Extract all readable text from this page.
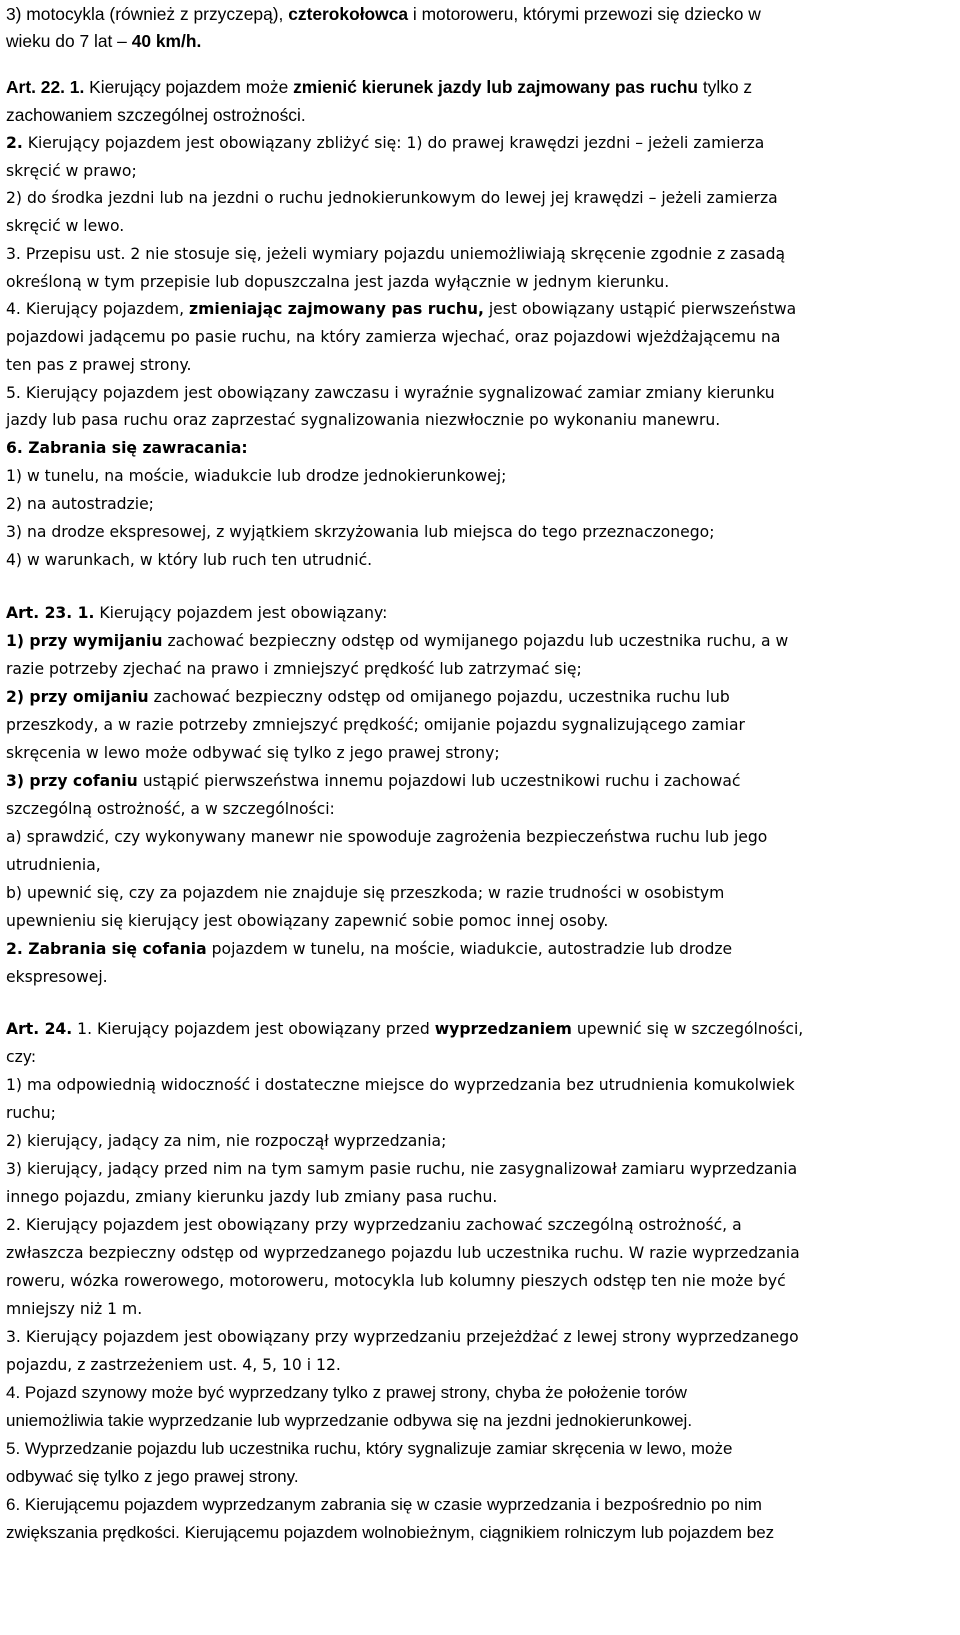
3) motocykla (również z przyczepą), czterokołowca i motoroweru, którymi przewozi się dziecko w
wieku do 7 lat – 40 km/h.
Art. 22. 1. Kierujący pojazdem może zmienić kierunek jazdy lub zajmowany pas ruchu tylko z
zachowaniem szczególnej ostrożności.
2. Kierujący pojazdem jest obowiązany zbliżyć się: 1) do prawej krawędzi jezdni – jeżeli zamierza
skręcić w prawo;
2) do środka jezdni lub na jezdni o ruchu jednokierunkowym do lewej jej krawędzi – jeżeli zamierza
skręcić w lewo.
3. Przepisu ust. 2 nie stosuje się, jeżeli wymiary pojazdu uniemożliwiają skręcenie zgodnie z zasadą
określoną w tym przepisie lub dopuszczalna jest jazda wyłącznie w jednym kierunku.
4. Kierujący pojazdem, zmieniając zajmowany pas ruchu, jest obowiązany ustąpić pierwszeństwa
pojazdowi jadącemu po pasie ruchu, na który zamierza wjechać, oraz pojazdowi wjeżdżającemu na
ten pas z prawej strony.
5. Kierujący pojazdem jest obowiązany zawczasu i wyraźnie sygnalizować zamiar zmiany kierunku
jazdy lub pasa ruchu oraz zaprzestać sygnalizowania niezwłocznie po wykonaniu manewru.
6. Zabrania się zawracania:
1) w tunelu, na moście, wiadukcie lub drodze jednokierunkowej;
2) na autostradzie;
3) na drodze ekspresowej, z wyjątkiem skrzyżowania lub miejsca do tego przeznaczonego;
4) w warunkach, w który lub ruch ten utrudnić.
Art. 23. 1. Kierujący pojazdem jest obowiązany:
1) przy wymijaniu zachować bezpieczny odstęp od wymijanego pojazdu lub uczestnika ruchu, a w
razie potrzeby zjechać na prawo i zmniejszyć prędkość lub zatrzymać się;
2) przy omijaniu zachować bezpieczny odstęp od omijanego pojazdu, uczestnika ruchu lub
przeszkody, a w razie potrzeby zmniejszyć prędkość; omijanie pojazdu sygnalizującego zamiar
skręcenia w lewo może odbywać się tylko z jego prawej strony;
3) przy cofaniu ustąpić pierwszeństwa innemu pojazdowi lub uczestnikowi ruchu i zachować
szczególną ostrożność, a w szczególności:
a) sprawdzić, czy wykonywany manewr nie spowoduje zagrożenia bezpieczeństwa ruchu lub jego
utrudnienia,
b) upewnić się, czy za pojazdem nie znajduje się przeszkoda; w razie trudności w osobistym
upewnieniu się kierujący jest obowiązany zapewnić sobie pomoc innej osoby.
2. Zabrania się cofania pojazdem w tunelu, na moście, wiadukcie, autostradzie lub drodze
ekspresowej.
Art. 24. 1. Kierujący pojazdem jest obowiązany przed wyprzedzaniem upewnić się w szczególności,
czy:
1) ma odpowiednią widoczność i dostateczne miejsce do wyprzedzania bez utrudnienia komukolwiek
ruchu;
2) kierujący, jadący za nim, nie rozpoczął wyprzedzania;
3) kierujący, jadący przed nim na tym samym pasie ruchu, nie zasygnalizował zamiaru wyprzedzania
innego pojazdu, zmiany kierunku jazdy lub zmiany pasa ruchu.
2. Kierujący pojazdem jest obowiązany przy wyprzedzaniu zachować szczególną ostrożność, a
zwłaszcza bezpieczny odstęp od wyprzedzanego pojazdu lub uczestnika ruchu. W razie wyprzedzania
roweru, wózka rowerowego, motoroweru, motocykla lub kolumny pieszych odstęp ten nie może być
mniejszy niż 1 m.
3. Kierujący pojazdem jest obowiązany przy wyprzedzaniu przejeżdżać z lewej strony wyprzedzanego
pojazdu, z zastrzeżeniem ust. 4, 5, 10 i 12.
4. Pojazd szynowy może być wyprzedzany tylko z prawej strony, chyba że położenie torów
uniemożliwia takie wyprzedzanie lub wyprzedzanie odbywa się na jezdni jednokierunkowej.
5. Wyprzedzanie pojazdu lub uczestnika ruchu, który sygnalizuje zamiar skręcenia w lewo, może
odbywać się tylko z jego prawej strony.
6. Kierującemu pojazdem wyprzedzanym zabrania się w czasie wyprzedzania i bezpośrednio po nim
zwiększania prędkości. Kierującemu pojazdem wolnobieżnym, ciągnikiem rolniczym lub pojazdem bez
